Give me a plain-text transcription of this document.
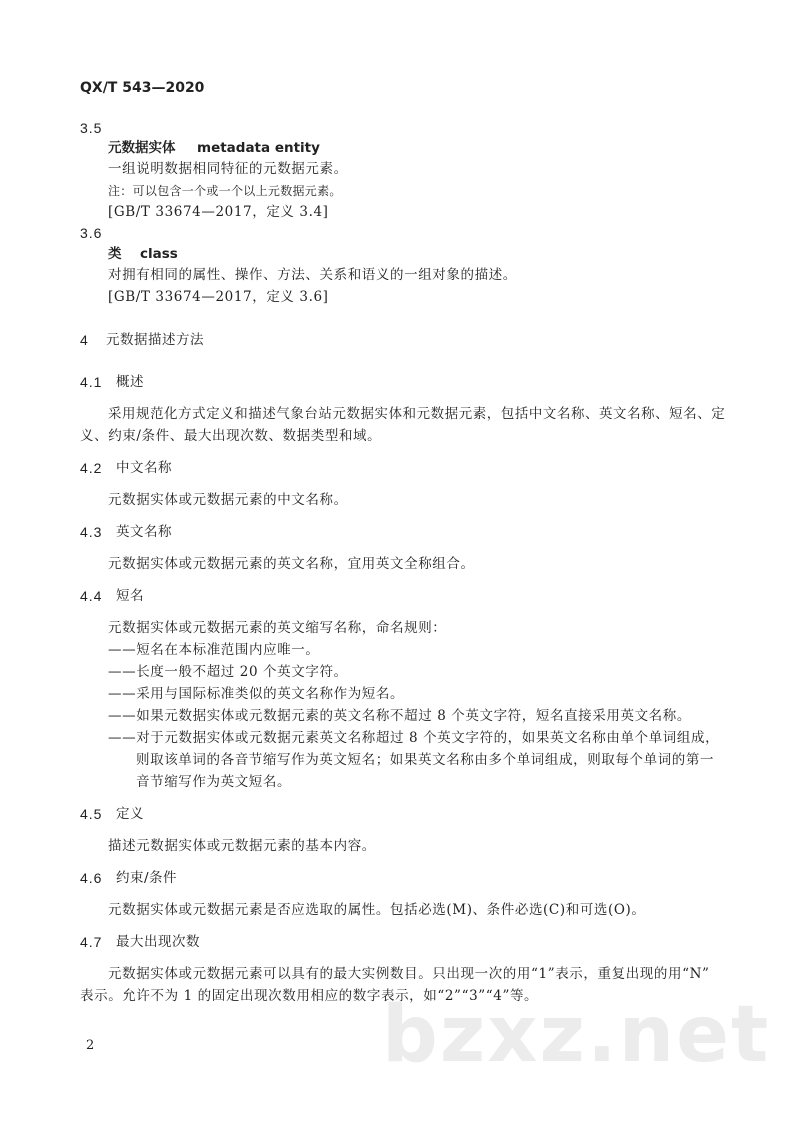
QX/T 543—2020
3.5
元数据实体 metadata entity
一组说明数据相同特征的元数据元素。
注：可以包含一个或一个以上元数据元素。
[GB/T 33674—2017，定义 3.4]
3.6
类 class
对拥有相同的属性、操作、方法、关系和语义的一组对象的描述。
[GB/T 33674—2017，定义 3.6]
4 元数据描述方法
4.1 概述
采用规范化方式定义和描述气象台站元数据实体和元数据元素，包括中文名称、英文名称、短名、定
义、约束/条件、最大出现次数、数据类型和域。
4.2 中文名称
元数据实体或元数据元素的中文名称。
4.3 英文名称
元数据实体或元数据元素的英文名称，宜用英文全称组合。
4.4 短名
元数据实体或元数据元素的英文缩写名称，命名规则：
——短名在本标准范围内应唯一。
——长度一般不超过 20 个英文字符。
——采用与国际标准类似的英文名称作为短名。
——如果元数据实体或元数据元素的英文名称不超过 8 个英文字符，短名直接采用英文名称。
——对于元数据实体或元数据元素英文名称超过 8 个英文字符的，如果英文名称由单个单词组成，
则取该单词的各音节缩写作为英文短名；如果英文名称由多个单词组成，则取每个单词的第一
音节缩写作为英文短名。
4.5 定义
描述元数据实体或元数据元素的基本内容。
4.6 约束/条件
元数据实体或元数据元素是否应选取的属性。包括必选(M)、条件必选(C)和可选(O)。
4.7 最大出现次数
元数据实体或元数据元素可以具有的最大实例数目。只出现一次的用“1”表示，重复出现的用“N”
表示。允许不为 1 的固定出现次数用相应的数字表示，如“2”“3”“4”等。
2	bzxz.net
